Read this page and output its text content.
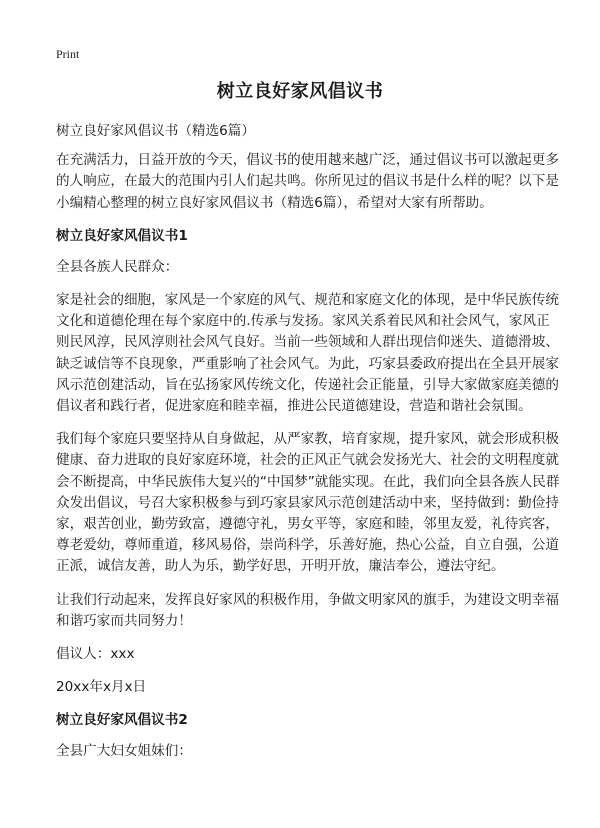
Print
树立良好家风倡议书

树立良好家风倡议书（精选6篇）

在充满活力，日益开放的今天，倡议书的使用越来越广泛，通过倡议书可以激起更多的人响应，在最大的范围内引人们起共鸣。你所见过的倡议书是什么样的呢？以下是小编精心整理的树立良好家风倡议书（精选6篇），希望对大家有所帮助。

树立良好家风倡议书1

全县各族人民群众：

家是社会的细胞，家风是一个家庭的风气、规范和家庭文化的体现，是中华民族传统文化和道德伦理在每个家庭中的.传承与发扬。家风关系着民风和社会风气，家风正则民风淳，民风淳则社会风气良好。当前一些领域和人群出现信仰迷失、道德滑坡、缺乏诚信等不良现象，严重影响了社会风气。为此，巧家县委政府提出在全县开展家风示范创建活动，旨在弘扬家风传统文化，传递社会正能量，引导大家做家庭美德的倡议者和践行者，促进家庭和睦幸福，推进公民道德建设，营造和谐社会氛围。

我们每个家庭只要坚持从自身做起，从严家教，培育家规，提升家风，就会形成积极健康、奋力进取的良好家庭环境，社会的正风正气就会发扬光大、社会的文明程度就会不断提高，中华民族伟大复兴的“中国梦”就能实现。在此，我们向全县各族人民群众发出倡议，号召大家积极参与到巧家县家风示范创建活动中来，坚持做到：勤俭持家，艰苦创业，勤劳致富，遵德守礼，男女平等，家庭和睦，邻里友爱，礼待宾客，尊老爱幼，尊师重道，移风易俗，崇尚科学，乐善好施，热心公益，自立自强，公道正派，诚信友善，助人为乐，勤学好思，开明开放，廉洁奉公，遵法守纪。

让我们行动起来，发挥良好家风的积极作用，争做文明家风的旗手，为建设文明幸福和谐巧家而共同努力！

倡议人：xxx

20xx年x月x日

树立良好家风倡议书2

全县广大妇女姐妹们：
